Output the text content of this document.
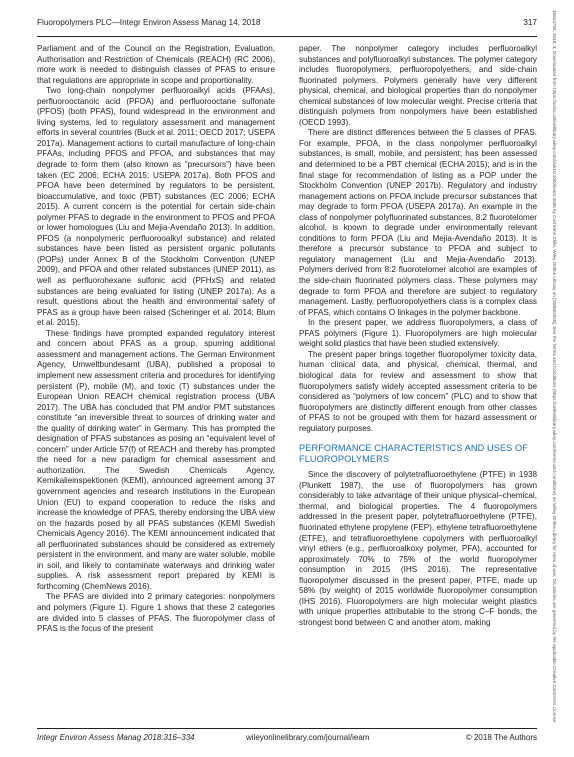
Fluoropolymers PLC—Integr Environ Assess Manag 14, 2018	317

Parliament and of the Council on the Registration, Evaluation, Authorisation and Restriction of Chemicals (REACH) (RC 2006), more work is needed to distinguish classes of PFAS to ensure that regulations are appropriate in scope and proportionality.

Two long-chain nonpolymer perfluoroalkyl acids (PFAAs), perfluorooctanoic acid (PFOA) and perfluorooctane sulfonate (PFOS) (both PFAS), found widespread in the environment and living systems, led to regulatory assessment and management efforts in several countries (Buck et al. 2011; OECD 2017; USEPA 2017a). Management actions to curtail manufacture of long-chain PFAAs, including PFOS and PFOA, and substances that may degrade to form them (also known as “precursors”) have been taken (EC 2006; ECHA 2015; USEPA 2017a). Both PFOS and PFOA have been determined by regulators to be persistent, bioaccumulative, and toxic (PBT) substances (EC 2006; ECHA 2015). A current concern is the potential for certain side-chain polymer PFAS to degrade in the environment to PFOS and PFOA or lower homologues (Liu and Mejia-Avendaño 2013). In addition, PFOS (a nonpolymeric perfluorooalkyl substance) and related substances have been listed as persistent organic pollutants (POPs) under Annex B of the Stockholm Convention (UNEP 2009), and PFOA and other related substances (UNEP 2011), as well as perfluorohexane sulfonic acid (PFHxS) and related substances are being evaluated for listing (UNEP 2017a). As a result, questions about the health and environmental safety of PFAS as a group have been raised (Scheringer et al. 2014; Blum et al. 2015).

These findings have prompted expanded regulatory interest and concern about PFAS as a group, spurring additional assessment and management actions. The German Environment Agency, Umweltbundesamt (UBA), published a proposal to implement new assessment criteria and procedures for identifying persistent (P), mobile (M), and toxic (T) substances under the European Union REACH chemical registration process (UBA 2017). The UBA has concluded that PM and/or PMT substances constitute “an irreversible threat to sources of drinking water and the quality of drinking water” in Germany. This has prompted the designation of PFAS substances as posing an “equivalent level of concern” under Article 57(f) of REACH and thereby has prompted the need for a new paradigm for chemical assessment and authorization. The Swedish Chemicals Agency, Kemikalieinspektionen (KEMI), announced agreement among 37 government agencies and research institutions in the European Union (EU) to expand cooperation to reduce the risks and increase the knowledge of PFAS, thereby endorsing the UBA view on the hazards posed by all PFAS substances (KEMI Swedish Chemicals Agency 2016). The KEMI announcement indicated that all perfluorinated substances should be considered as extremely persistent in the environment, and many are water soluble, mobile in soil, and likely to contaminate waterways and drinking water supplies. A risk assessment report prepared by KEMI is forthcoming (ChemNews 2016).

The PFAS are divided into 2 primary categories: nonpolymers and polymers (Figure 1). Figure 1 shows that these 2 categories are divided into 5 classes of PFAS. The fluoropolymer class of PFAS is the focus of the present

paper. The nonpolymer category includes perfluoroalkyl substances and polyfluoroalkyl substances. The polymer category includes fluoropolymers, perfluoropolyethers, and side-chain fluorinated polymers. Polymers generally have very different physical, chemical, and biological properties than do nonpolymer chemical substances of low molecular weight. Precise criteria that distinguish polymers from nonpolymers have been established (OECD 1993).

There are distinct differences between the 5 classes of PFAS. For example, PFOA, in the class nonpolymer perfluoroalkyl substances, is small, mobile, and persistent; has been assessed and determined to be a PBT chemical (ECHA 2015); and is in the final stage for recommendation of listing as a POP under the Stockholm Convention (UNEP 2017b). Regulatory and industry management actions on PFOA include precursor substances that may degrade to form PFOA (USEPA 2017a). An example in the class of nonpolymer polyfluorinated substances, 8:2 fluorotelomer alcohol, is known to degrade under environmentally relevant conditions to form PFOA (Liu and Mejia-Avendaño 2013). It is therefore a precursor substance to PFOA and subject to regulatory management (Liu and Mejia-Avendaño 2013). Polymers derived from 8:2 fluorotelomer alcohol are examples of the side-chain fluorinated polymers class. These polymers may degrade to form PFOA and therefore are subject to regulatory management. Lastly, perfluoropolyethers class is a complex class of PFAS, which contains O linkages in the polymer backbone.

In the present paper, we address fluoropolymers, a class of PFAS polymers (Figure 1). Fluoropolymers are high molecular weight solid plastics that have been studied extensively.

The present paper brings together fluoropolymer toxicity data, human clinical data, and physical, chemical, thermal, and biological data for review and assessment to show that fluoropolymers satisfy widely accepted assessment criteria to be considered as “polymers of low concern” (PLC) and to show that fluoropolymers are distinctly different enough from other classes of PFAS to not be grouped with them for hazard assessment or regulatory purposes.

PERFORMANCE CHARACTERISTICS AND USES OF FLUOROPOLYMERS

Since the discovery of polytetrafluoroethylene (PTFE) in 1938 (Plunkett 1987), the use of fluoropolymers has grown considerably to take advantage of their unique physical–chemical, thermal, and biological properties. The 4 fluoropolymers addressed in the present paper, polytetrafluoroethylene (PTFE), fluorinated ethylene propylene (FEP), ethylene tetrafluoroethylene (ETFE), and tetrafluoroethylene copolymers with perfluoroalkyl vinyl ethers (e.g., perfluoroalkoxy polymer, PFA), accounted for approximately 70% to 75% of the world fluoropolymer consumption in 2015 (IHS 2016). The representative fluoropolymer discussed in the present paper, PTFE, made up 58% (by weight) of 2015 worldwide fluoropolymer consumption (IHS 2016). Fluoropolymers are high molecular weight plastics with unique properties attributable to the strong C–F bonds, the strongest bond between C and another atom, making

Integr Environ Assess Manag 2018:316–334	wileyonlinelibrary.com/journal/ieam	© 2018 The Authors
15513793, 2018, 3, Downloaded from https://setac.onlinelibrary.wiley.com/doi/10.1002/ieam.4035 by Cochrane Chile, Wiley Online Library on [29/06/2025]. See the Terms and Conditions (https://onlinelibrary.wiley.com/terms-and-conditions) on Wiley Online Library for rules of use; OA articles are governed by the applicable Creative Commons License
